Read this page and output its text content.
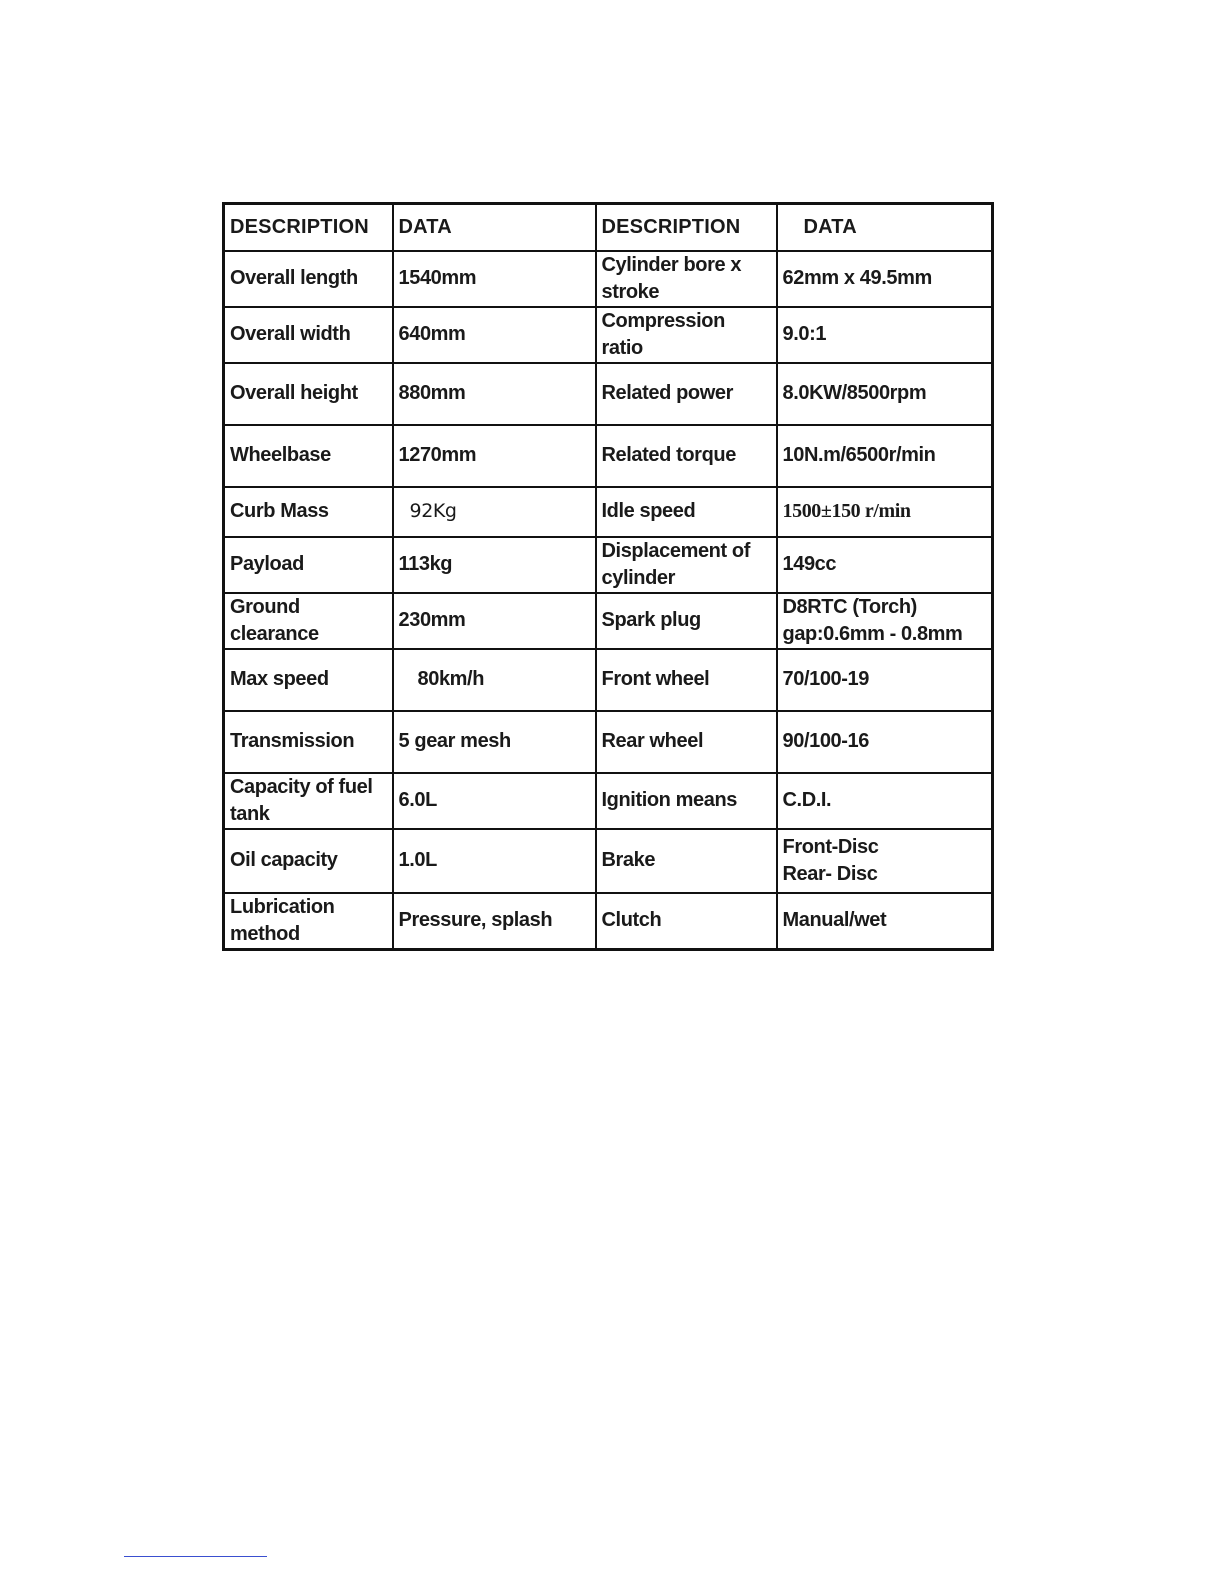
DESCRIPTION	DATA	DESCRIPTION	DATA

Overall length	1540mm	Cylinder bore x
stroke	62mm x 49.5mm

Overall width	640mm	Compression
ratio	9.0:1

Overall height	880mm	Related power	8.0KW/8500rpm

Wheelbase	1270mm	Related torque	10N.m/6500r/min

Curb Mass	92Kg	Idle speed	1500±150 r/min

Payload	113kg	Displacement of
cylinder	149cc

Ground
clearance	230mm	Spark plug	D8RTC (Torch)
gap:0.6mm - 0.8mm

Max speed	80km/h	Front wheel	70/100-19

Transmission	5 gear mesh	Rear wheel	90/100-16

Capacity of fuel
tank	6.0L	Ignition means	C.D.I.

Oil capacity	1.0L	Brake	Front-Disc
Rear- Disc

Lubrication
method	Pressure, splash	Clutch	Manual/wet
